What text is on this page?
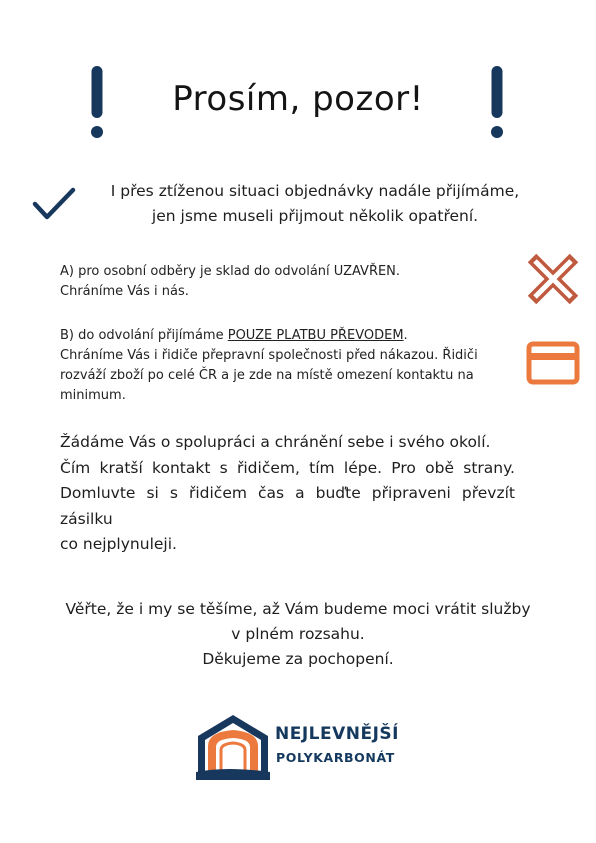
Prosím, pozor!
I přes ztíženou situaci objednávky nadále přijímáme,
jen jsme museli přijmout několik opatření.
A) pro osobní odběry je sklad do odvolání UZAVŘEN.
Chráníme Vás i nás.
B) do odvolání přijímáme POUZE PLATBU PŘEVODEM.
Chráníme Vás i řidiče přepravní společnosti před nákazou. Řidiči
rozváží zboží po celé ČR a je zde na místě omezení kontaktu na
minimum.
Žádáme Vás o spolupráci a chránění sebe i svého okolí.
Čím kratší kontakt s řidičem, tím lépe. Pro obě strany.
Domluvte si s řidičem čas a buďte připraveni převzít zásilku
co nejplynuleji.
Věřte, že i my se těšíme, až Vám budeme moci vrátit služby
v plném rozsahu.
Děkujeme za pochopení.
NEJLEVNĚJŠÍ
POLYKARBONÁT
